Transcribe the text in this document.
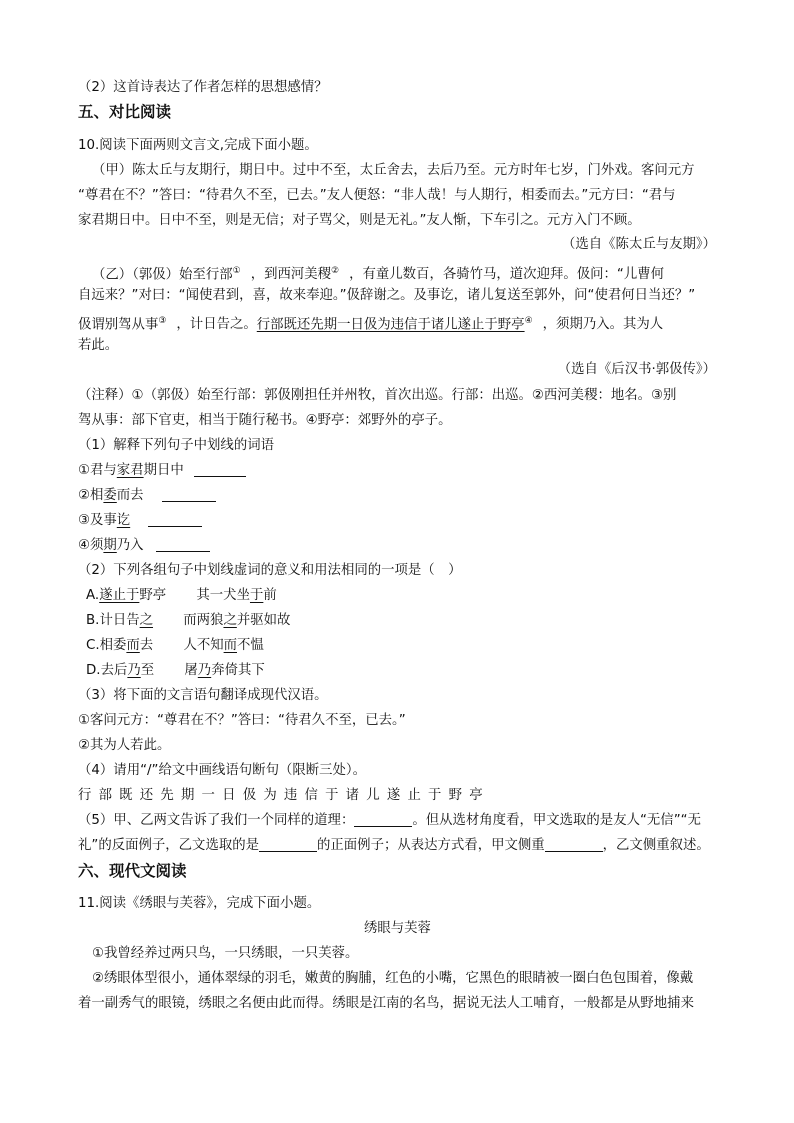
（2）这首诗表达了作者怎样的思想感情？
五、对比阅读
10.阅读下面两则文言文,完成下面小题。
（甲）陈太丘与友期行，期日中。过中不至，太丘舍去，去后乃至。元方时年七岁，门外戏。客问元方
“尊君在不？”答曰：“待君久不至，已去。”友人便怒：“非人哉！与人期行，相委而去。”元方曰：“君与
家君期日中。日中不至，则是无信；对子骂父，则是无礼。”友人惭，下车引之。元方入门不顾。
（选自《陈太丘与友期》）
（乙）（郭伋）始至行部① ，到西河美稷② ，有童儿数百，各骑竹马，道次迎拜。伋问：“儿曹何
自远来？”对曰：“闻使君到，喜，故来奉迎。”伋辞谢之。及事讫，诸儿复送至郭外，问“使君何日当还？”
伋谓别驾从事③ ，计日告之。行部既还先期一日伋为违信于诸儿遂止于野亭④ ，须期乃入。其为人
若此。
（选自《后汉书·郭伋传》）
（注释）①（郭伋）始至行部：郭伋刚担任并州牧，首次出巡。行部：出巡。②西河美稷：地名。③别
驾从事：部下官吏，相当于随行秘书。④野亭：郊野外的亭子。
（1）解释下列句子中划线的词语
①君与家君期日中
②相委而去
③及事讫
④须期乃入
（2）下列各组句子中划线虚词的意义和用法相同的一项是（　）
A.遂止于野亭 其一犬坐于前
B.计日告之 而两狼之并驱如故
C.相委而去 人不知而不愠
D.去后乃至 屠乃奔倚其下
（3）将下面的文言语句翻译成现代汉语。
①客问元方：“尊君在不？”答曰：“待君久不至，已去。”
②其为人若此。
（4）请用“/”给文中画线语句断句（限断三处）。
行部既还先期一日伋为违信于诸儿遂止于野亭
（5）甲、乙两文告诉了我们一个同样的道理：	。但从选材角度看，甲文选取的是友人“无信”“无
礼”的反面例子，乙文选取的是	的正面例子；从表达方式看，甲文侧重	，乙文侧重叙述。
六、现代文阅读
11.阅读《绣眼与芙蓉》，完成下面小题。
绣眼与芙蓉
①我曾经养过两只鸟，一只绣眼，一只芙蓉。
②绣眼体型很小，通体翠绿的羽毛，嫩黄的胸脯，红色的小嘴，它黑色的眼睛被一圈白色包围着，像戴
着一副秀气的眼镜，绣眼之名便由此而得。绣眼是江南的名鸟，据说无法人工哺育，一般都是从野地捕来
